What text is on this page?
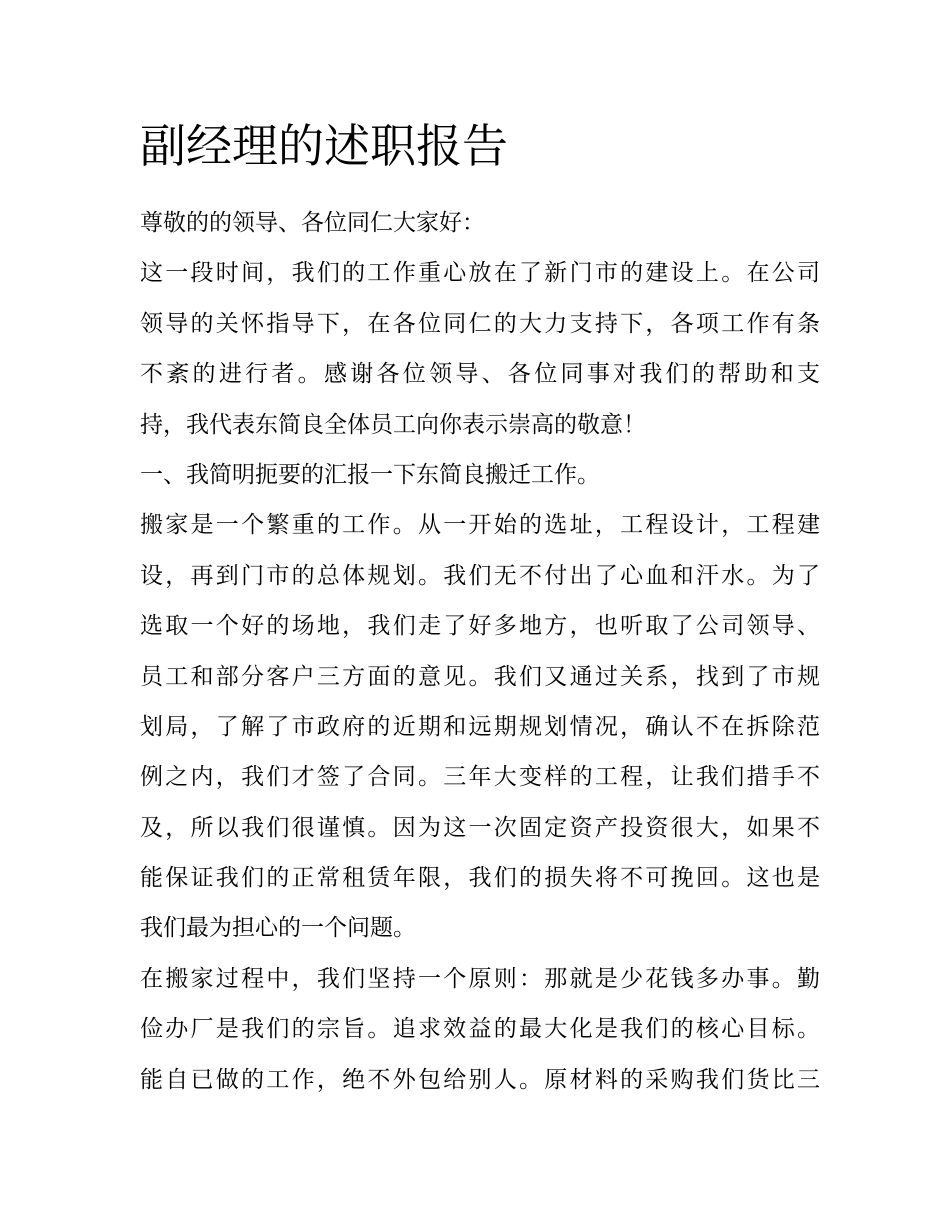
副经理的述职报告
尊敬的的领导、各位同仁大家好：
这一段时间，我们的工作重心放在了新门市的建设上。在公司
领导的关怀指导下，在各位同仁的大力支持下，各项工作有条
不紊的进行者。感谢各位领导、各位同事对我们的帮助和支
持，我代表东简良全体员工向你表示崇高的敬意！
一、我简明扼要的汇报一下东简良搬迁工作。
搬家是一个繁重的工作。从一开始的选址，工程设计，工程建
设，再到门市的总体规划。我们无不付出了心血和汗水。为了
选取一个好的场地，我们走了好多地方，也听取了公司领导、
员工和部分客户三方面的意见。我们又通过关系，找到了市规
划局，了解了市政府的近期和远期规划情况，确认不在拆除范
例之内，我们才签了合同。三年大变样的工程，让我们措手不
及，所以我们很谨慎。因为这一次固定资产投资很大，如果不
能保证我们的正常租赁年限，我们的损失将不可挽回。这也是
我们最为担心的一个问题。
在搬家过程中，我们坚持一个原则：那就是少花钱多办事。勤
俭办厂是我们的宗旨。追求效益的最大化是我们的核心目标。
能自已做的工作，绝不外包给别人。原材料的采购我们货比三
